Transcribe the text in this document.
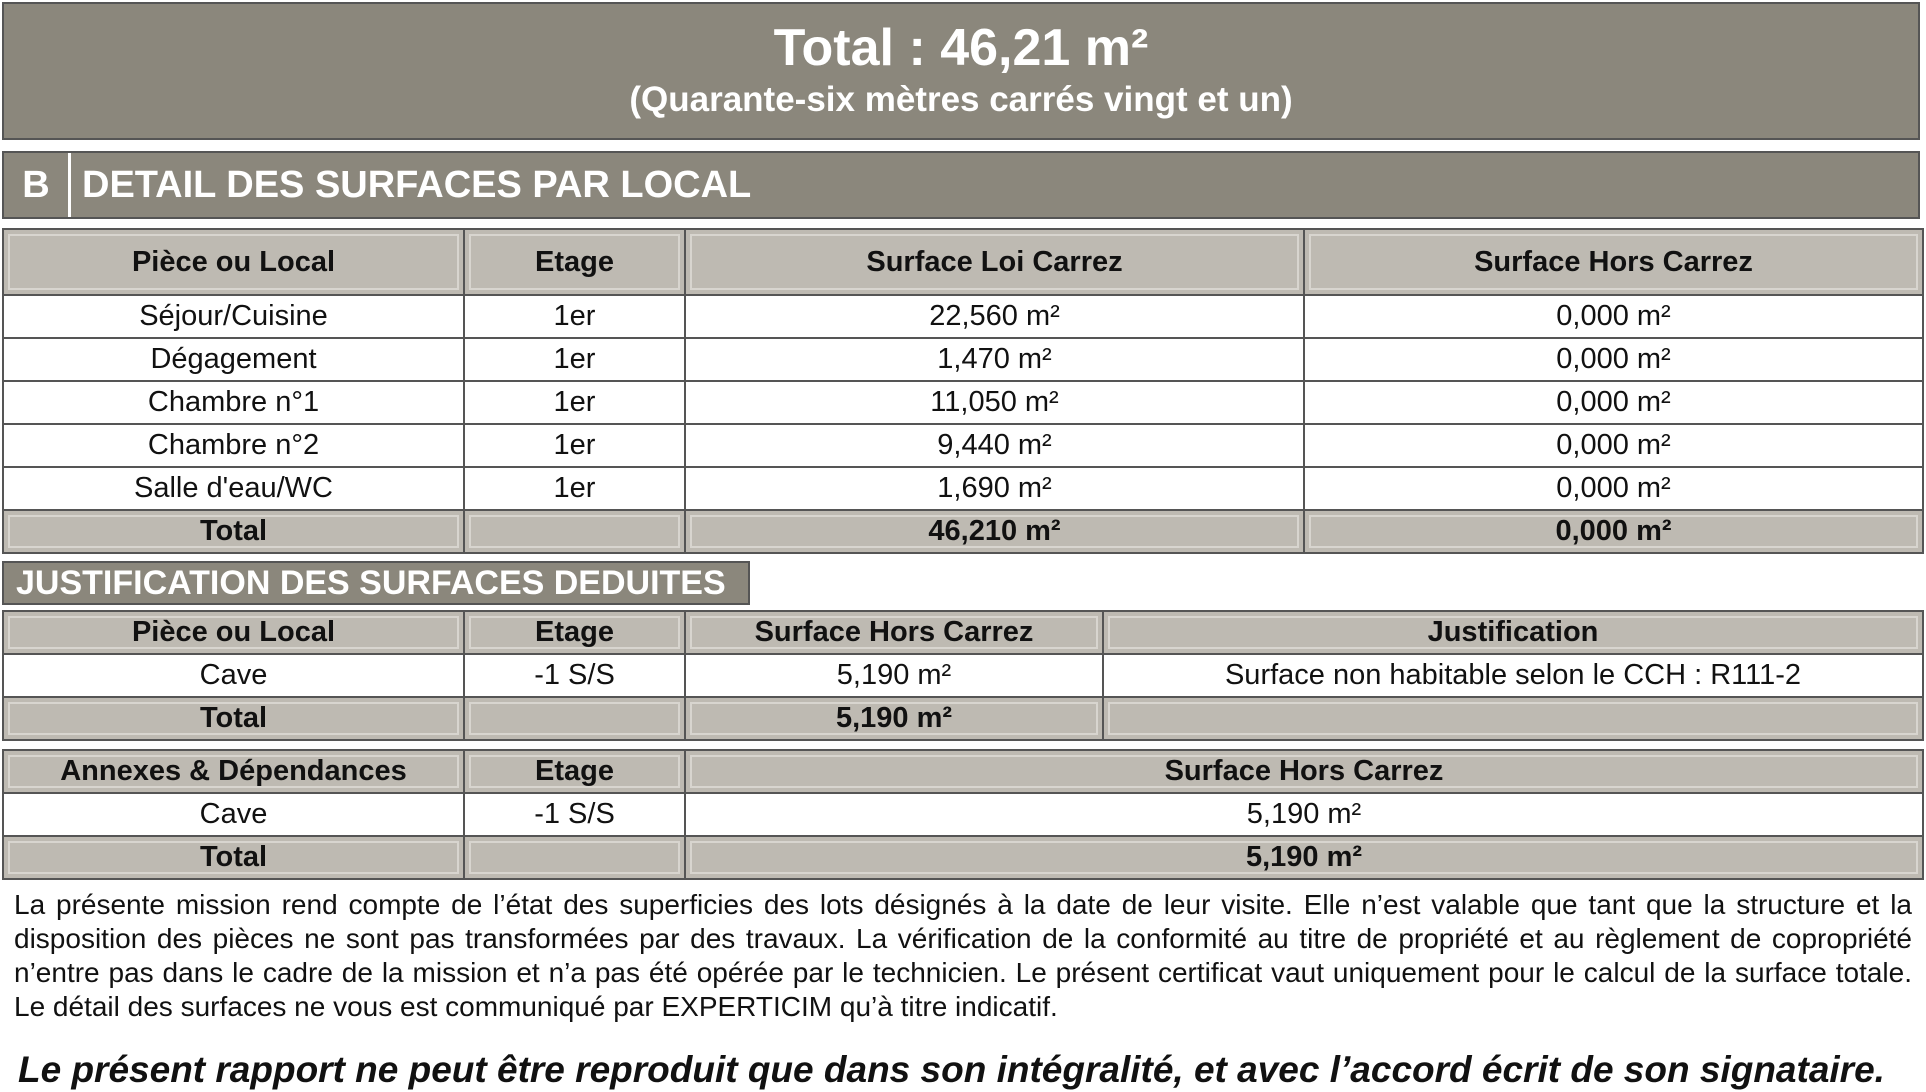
Total : 46,21 m²
(Quarante-six mètres carrés vingt et un)
B DETAIL DES SURFACES PAR LOCAL
Pièce ou Local	Etage	Surface Loi Carrez	Surface Hors Carrez
Séjour/Cuisine	1er	22,560 m²	0,000 m²
Dégagement	1er	1,470 m²	0,000 m²
Chambre n°1	1er	11,050 m²	0,000 m²
Chambre n°2	1er	9,440 m²	0,000 m²
Salle d'eau/WC	1er	1,690 m²	0,000 m²
Total		46,210 m²	0,000 m²
JUSTIFICATION DES SURFACES DEDUITES
Pièce ou Local	Etage	Surface Hors Carrez	Justification
Cave	-1 S/S	5,190 m²	Surface non habitable selon le CCH : R111-2
Total		5,190 m²	
Annexes & Dépendances	Etage	Surface Hors Carrez
Cave	-1 S/S	5,190 m²
Total		5,190 m²
La présente mission rend compte de l’état des superficies des lots désignés à la date de leur visite. Elle n’est valable que tant que la structure et la disposition des pièces ne sont pas transformées par des travaux. La vérification de la conformité au titre de propriété et au règlement de copropriété n’entre pas dans le cadre de la mission et n’a pas été opérée par le technicien. Le présent certificat vaut uniquement pour le calcul de la surface totale. Le détail des surfaces ne vous est communiqué par EXPERTICIM qu’à titre indicatif.
Le présent rapport ne peut être reproduit que dans son intégralité, et avec l’accord écrit de son signataire.
